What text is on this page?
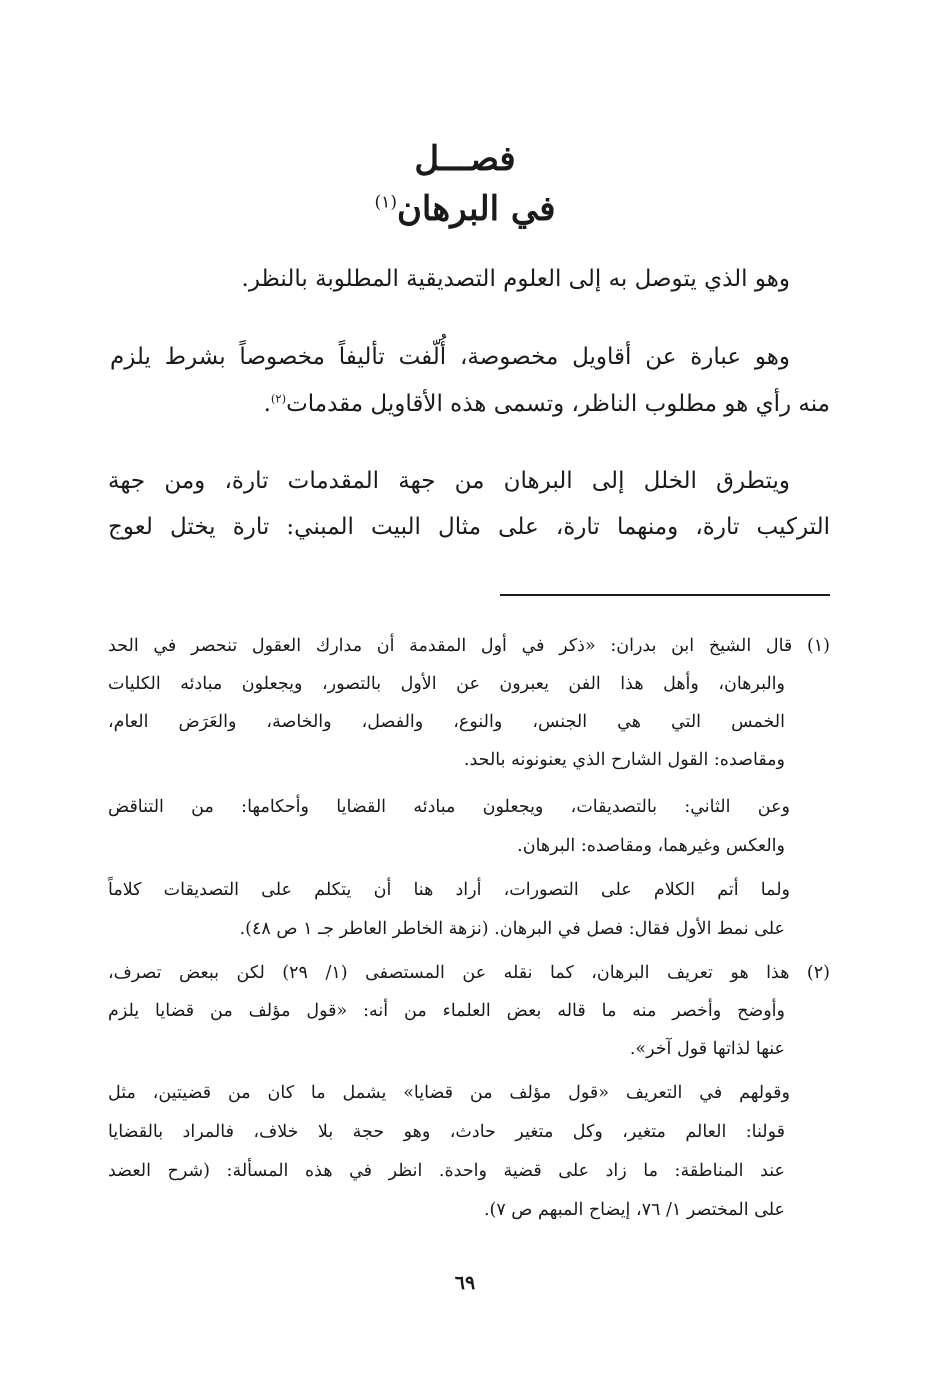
فصـــل
في البرهان$^{(١)}$
وهو الذي يتوصل به إلى العلوم التصديقية المطلوبة بالنظر.
وهو عبارة عن أقاويل مخصوصة، أُلّفت تأليفاً مخصوصاً بشرط يلزم
منه رأي هو مطلوب الناظر، وتسمى هذه الأقاويل مقدمات$^{(٢)}$.
ويتطرق الخلل إلى البرهان من جهة المقدمات تارة، ومن جهة
التركيب تارة، ومنهما تارة، على مثال البيت المبني: تارة يختل لعوج
(١) قال الشيخ ابن بدران: «ذكر في أول المقدمة أن مدارك العقول تنحصر في الحد
والبرهان، وأهل هذا الفن يعبرون عن الأول بالتصور، ويجعلون مبادئه الكليات
الخمس التي هي الجنس، والنوع، والفصل، والخاصة، والعَرَض العام،
ومقاصده: القول الشارح الذي يعنونونه بالحد.
وعن الثاني: بالتصديقات، ويجعلون مبادئه القضايا وأحكامها: من التناقض
والعكس وغيرهما، ومقاصده: البرهان.
ولما أتم الكلام على التصورات، أراد هنا أن يتكلم على التصديقات كلاماً
على نمط الأول فقال: فصل في البرهان. (نزهة الخاطر العاطر جـ ١ ص ٤٨).
(٢) هذا هو تعريف البرهان، كما نقله عن المستصفى (١/ ٢٩) لكن ببعض تصرف،
وأوضح وأخصر منه ما قاله بعض العلماء من أنه: «قول مؤلف من قضايا يلزم
عنها لذاتها قول آخر».
وقولهم في التعريف «قول مؤلف من قضايا» يشمل ما كان من قضيتين، مثل
قولنا: العالم متغير، وكل متغير حادث، وهو حجة بلا خلاف، فالمراد بالقضايا
عند المناطقة: ما زاد على قضية واحدة. انظر في هذه المسألة: (شرح العضد
على المختصر ١/ ٧٦، إيضاح المبهم ص ٧).
٦٩
